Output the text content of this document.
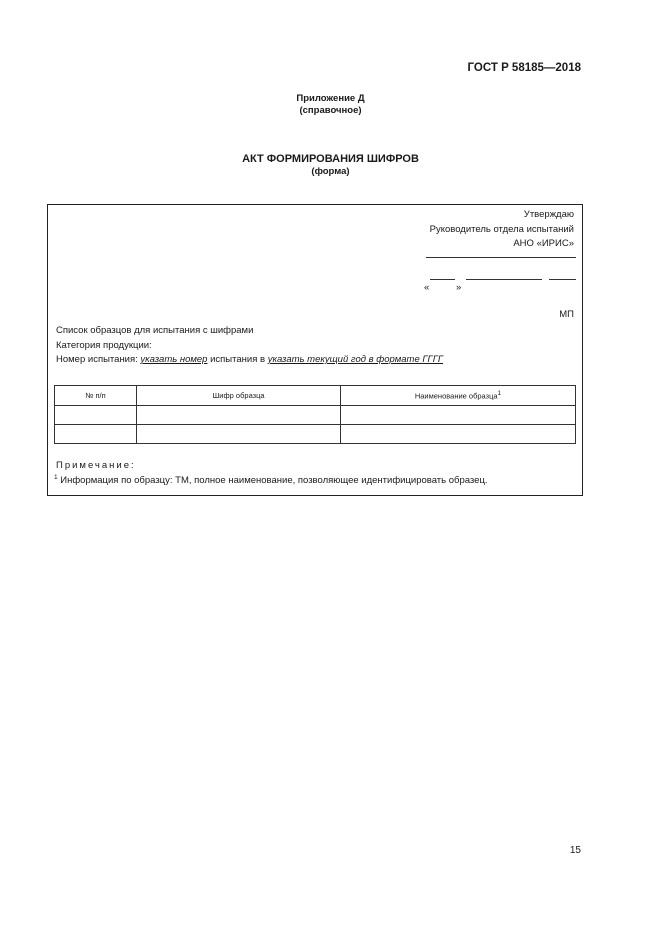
ГОСТ Р 58185—2018
Приложение Д
(справочное)
АКТ ФОРМИРОВАНИЯ ШИФРОВ
(форма)
Утверждаю
Руководитель отдела испытаний
АНО «ИРИС»
«	»
МП
Список образцов для испытания с шифрами
Категория продукции:
Номер испытания: указать номер испытания в указать текущий год в формате ГГГГ
№ п/п	Шифр образца	Наименование образца$^1$

Примечание:
$^1$ Информация по образцу: ТМ, полное наименование, позволяющее идентифицировать образец.
15
